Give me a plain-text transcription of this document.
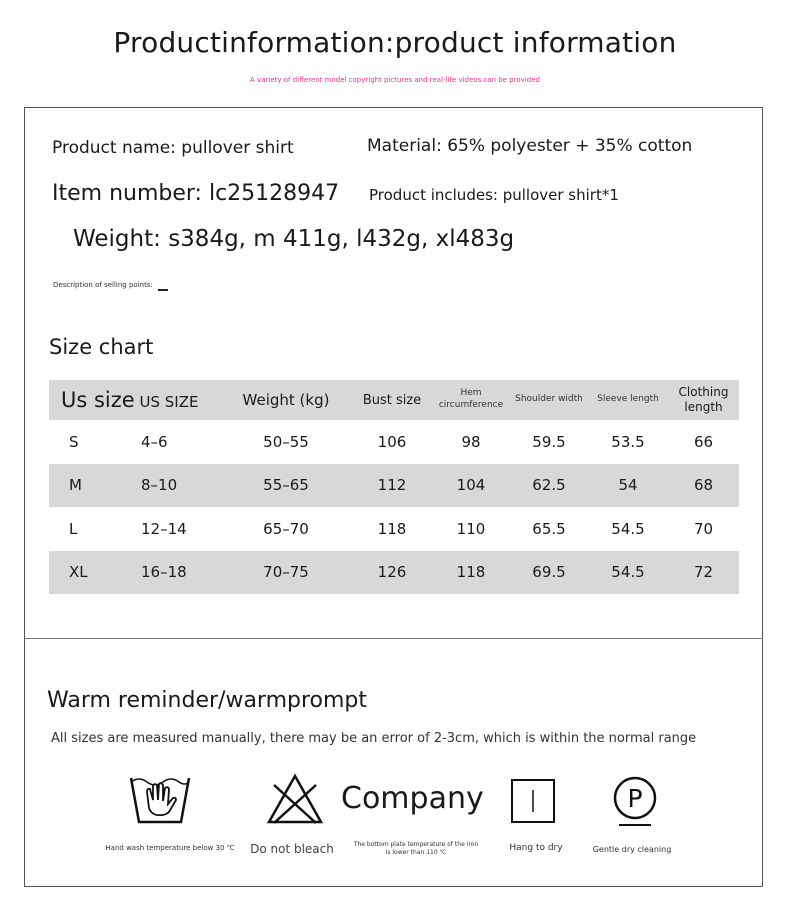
Productinformation:product information
A variety of different model copyright pictures and real-life videos can be provided
Product name: pullover shirt	Material: 65% polyester + 35% cotton
Item number: lc25128947 Product includes: pullover shirt*1
Weight: s384g, m 411g, l432g, xl483g
Description of selling points:
Size chart
Us size US SIZE	Weight (kg)	Bust size	Hem circumference	Shoulder width	Sleeve length	Clothing length
S 4–6	50–55	106	98	59.5	53.5	66
M 8–10	55–65	112	104	62.5	54	68
L 12–14	65–70	118	110	65.5	54.5	70
XL 16–18	70–75	126	118	69.5	54.5	72
Warm reminder/warmprompt
All sizes are measured manually, there may be an error of 2-3cm, which is within the normal range
Hand wash temperature below 30 ℃	Do not bleach
Company
The bottom plate temperature of the iron is lower than 110 ℃	Hang to dry
P
Gentle dry cleaning
